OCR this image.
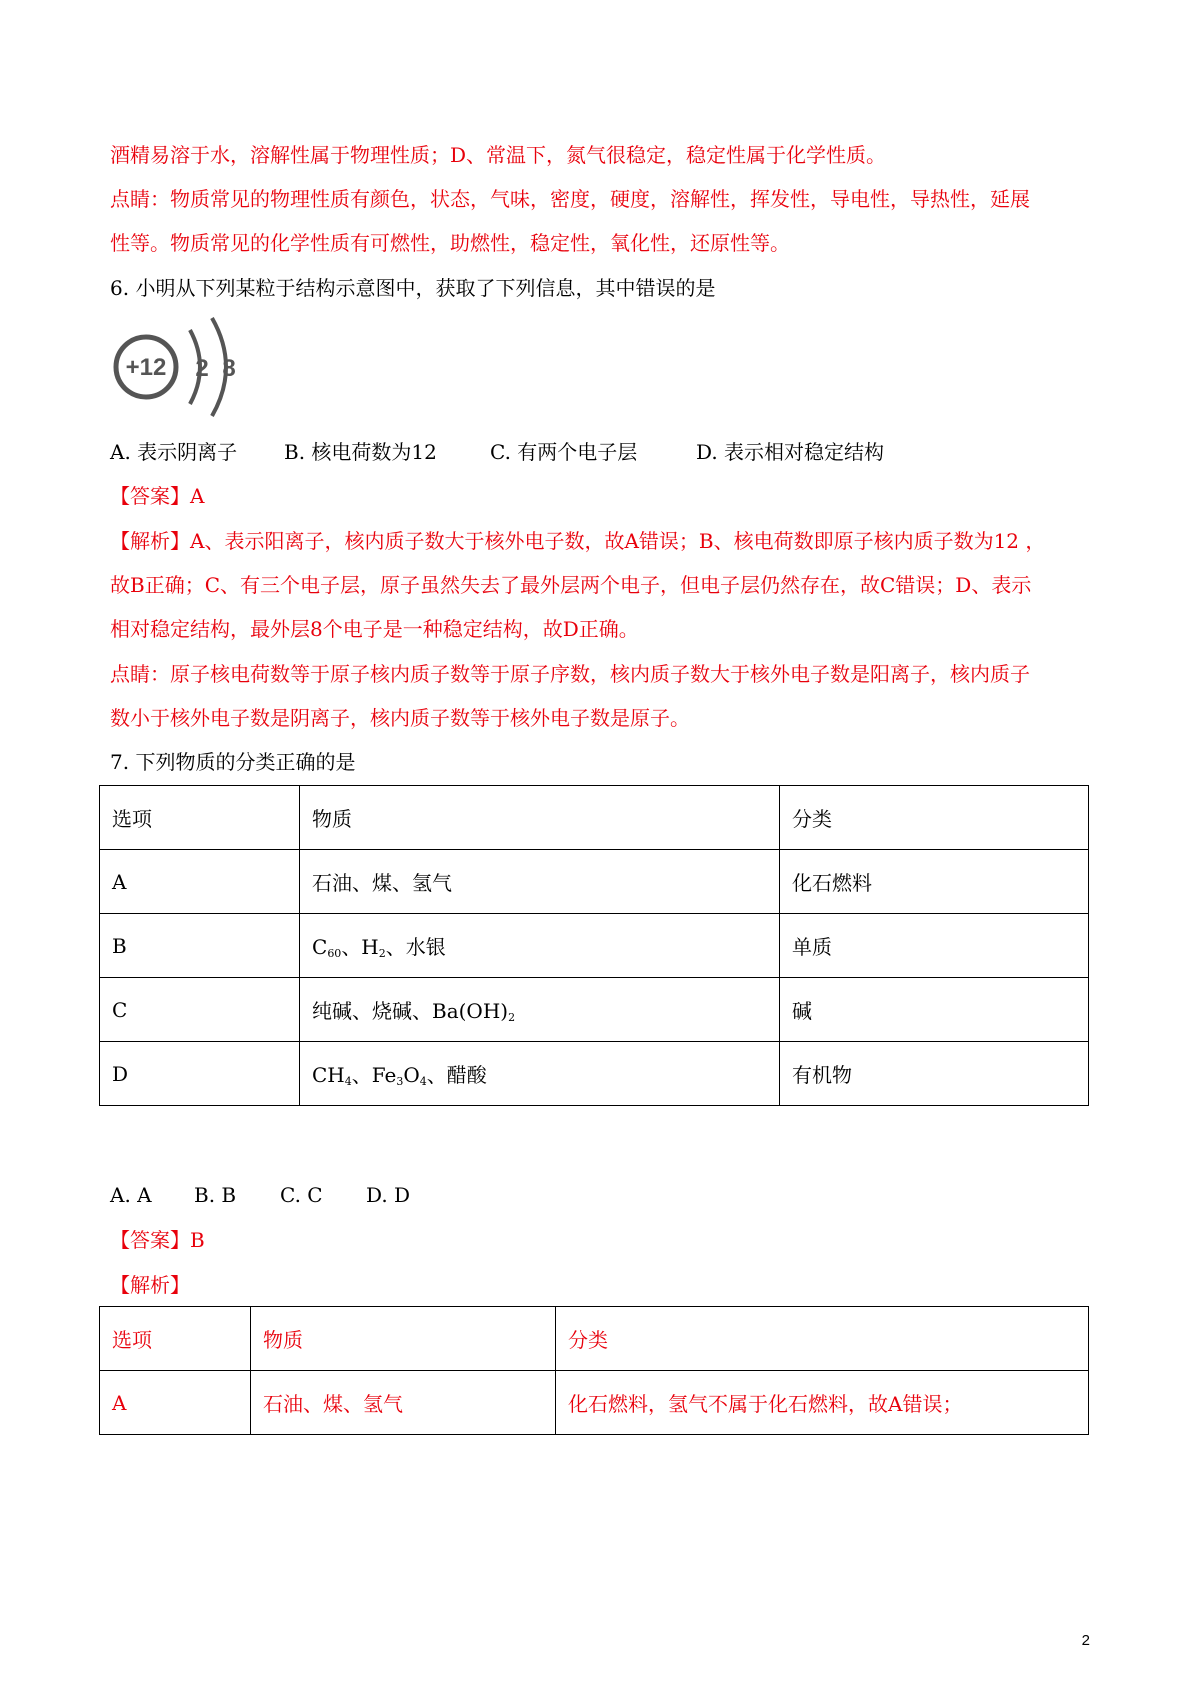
酒精易溶于水，溶解性属于物理性质；D、常温下，氮气很稳定，稳定性属于化学性质。
点睛：物质常见的物理性质有颜色，状态，气味，密度，硬度，溶解性，挥发性，导电性，导热性，延展
性等。物质常见的化学性质有可燃性，助燃性，稳定性，氧化性，还原性等。
6. 小明从下列某粒于结构示意图中，获取了下列信息，其中错误的是
+12 2 8
A. 表示阴离子 B. 核电荷数为12	C. 有两个电子层	D. 表示相对稳定结构
【答案】A
【解析】A、表示阳离子，核内质子数大于核外电子数，故A错误；B、核电荷数即原子核内质子数为12 ，
故B正确；C、有三个电子层，原子虽然失去了最外层两个电子，但电子层仍然存在，故C错误；D、表示
相对稳定结构，最外层8个电子是一种稳定结构，故D正确。
点睛：原子核电荷数等于原子核内质子数等于原子序数，核内质子数大于核外电子数是阳离子，核内质子
数小于核外电子数是阴离子，核内质子数等于核外电子数是原子。
7. 下列物质的分类正确的是
选项	物质	分类
A	石油、煤、氢气	化石燃料
B	$C_{60}$、$H_2$、水银	单质
C	纯碱、烧碱、$Ba(OH)_2$	碱
D	$CH_4$、$Fe_3O_4$、醋酸	有机物
A. A B. B C. C D. D
【答案】B
【解析】
选项	物质	分类
A	石油、煤、氢气	化石燃料，氢气不属于化石燃料，故A错误；
2
